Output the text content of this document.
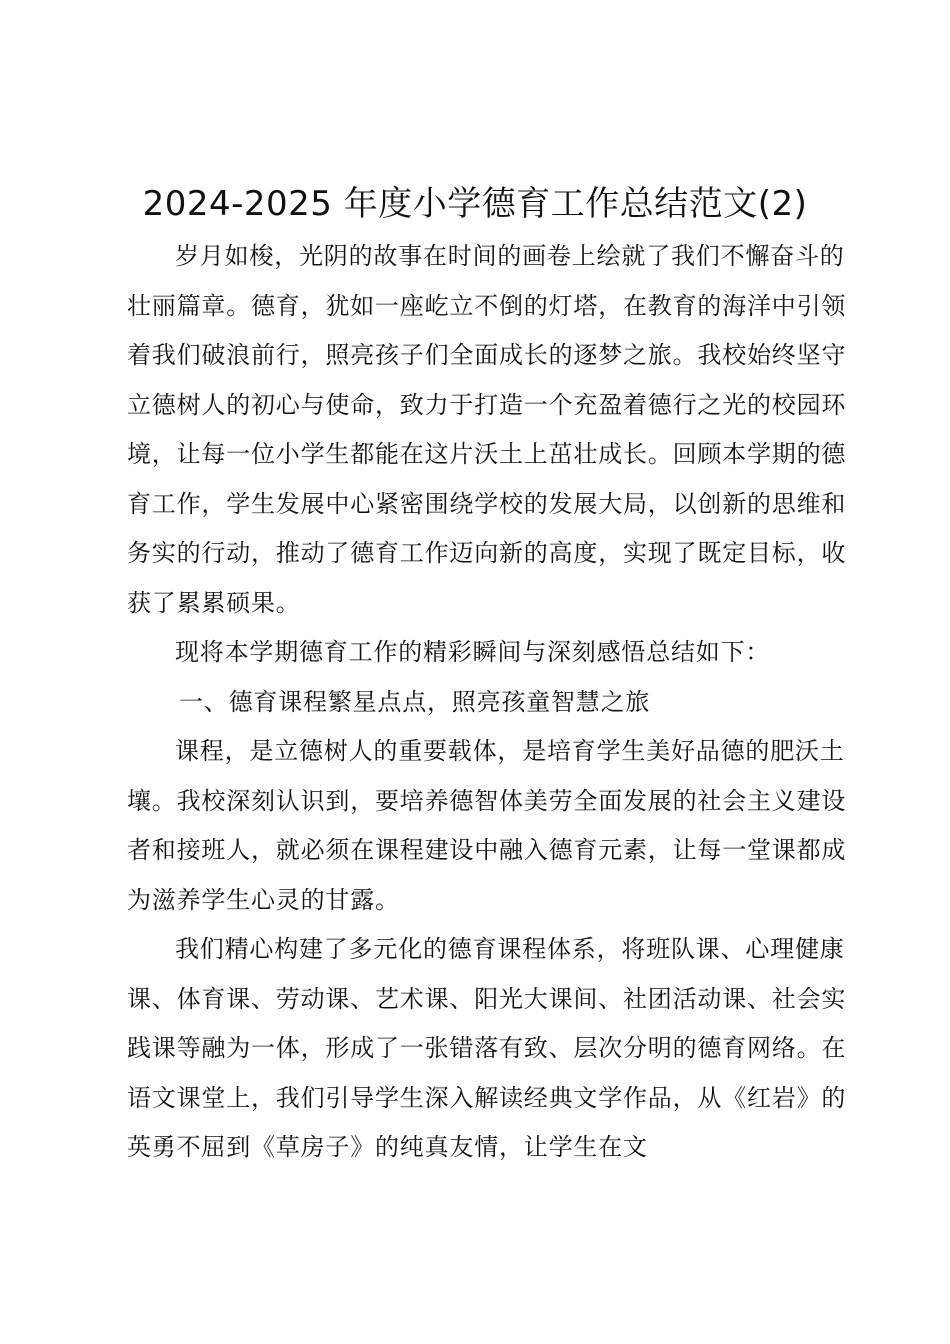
2024-2025 年度小学德育工作总结范文(2)

岁月如梭，光阴的故事在时间的画卷上绘就了我们不懈奋斗的壮丽篇章。德育，犹如一座屹立不倒的灯塔，在教育的海洋中引领着我们破浪前行，照亮孩子们全面成长的逐梦之旅。我校始终坚守立德树人的初心与使命，致力于打造一个充盈着德行之光的校园环境，让每一位小学生都能在这片沃土上茁壮成长。回顾本学期的德育工作，学生发展中心紧密围绕学校的发展大局，以创新的思维和务实的行动，推动了德育工作迈向新的高度，实现了既定目标，收获了累累硕果。

现将本学期德育工作的精彩瞬间与深刻感悟总结如下：

一、德育课程繁星点点，照亮孩童智慧之旅

课程，是立德树人的重要载体，是培育学生美好品德的肥沃土壤。我校深刻认识到，要培养德智体美劳全面发展的社会主义建设者和接班人，就必须在课程建设中融入德育元素，让每一堂课都成为滋养学生心灵的甘露。

我们精心构建了多元化的德育课程体系，将班队课、心理健康课、体育课、劳动课、艺术课、阳光大课间、社团活动课、社会实践课等融为一体，形成了一张错落有致、层次分明的德育网络。在语文课堂上，我们引导学生深入解读经典文学作品，从《红岩》的英勇不屈到《草房子》的纯真友情，让学生在文
